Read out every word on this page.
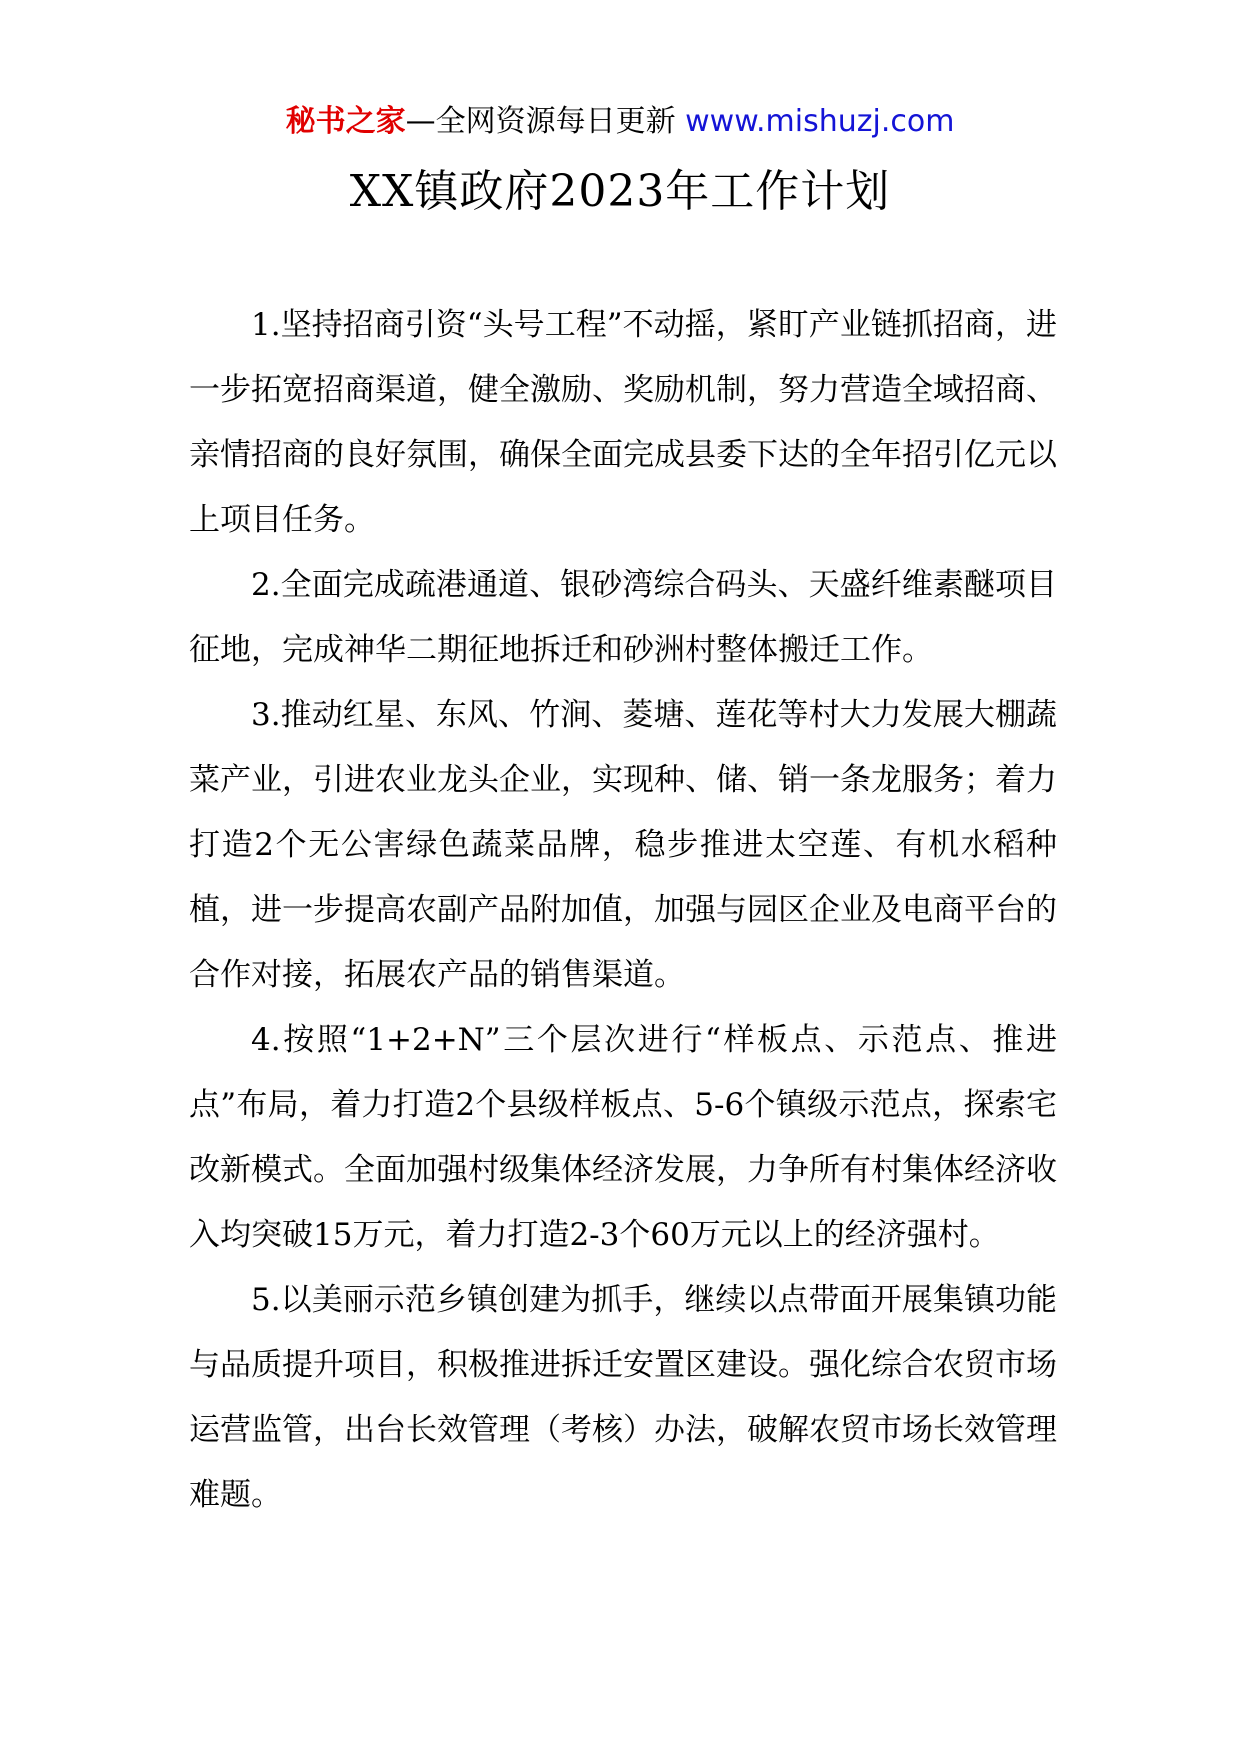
秘书之家—全网资源每日更新 www.mishuzj.com
XX镇政府2023年工作计划

1.坚持招商引资“头号工程”不动摇，紧盯产业链抓招商，进一步拓宽招商渠道，健全激励、奖励机制，努力营造全域招商、亲情招商的良好氛围，确保全面完成县委下达的全年招引亿元以上项目任务。

2.全面完成疏港通道、银砂湾综合码头、天盛纤维素醚项目征地，完成神华二期征地拆迁和砂洲村整体搬迁工作。

3.推动红星、东风、竹涧、菱塘、莲花等村大力发展大棚蔬菜产业，引进农业龙头企业，实现种、储、销一条龙服务；着力打造2个无公害绿色蔬菜品牌，稳步推进太空莲、有机水稻种植，进一步提高农副产品附加值，加强与园区企业及电商平台的合作对接，拓展农产品的销售渠道。

4.按照“1+2+N”三个层次进行“样板点、示范点、推进点”布局，着力打造2个县级样板点、5-6个镇级示范点，探索宅改新模式。全面加强村级集体经济发展，力争所有村集体经济收入均突破15万元，着力打造2-3个60万元以上的经济强村。

5.以美丽示范乡镇创建为抓手，继续以点带面开展集镇功能与品质提升项目，积极推进拆迁安置区建设。强化综合农贸市场运营监管，出台长效管理（考核）办法，破解农贸市场长效管理难题。
